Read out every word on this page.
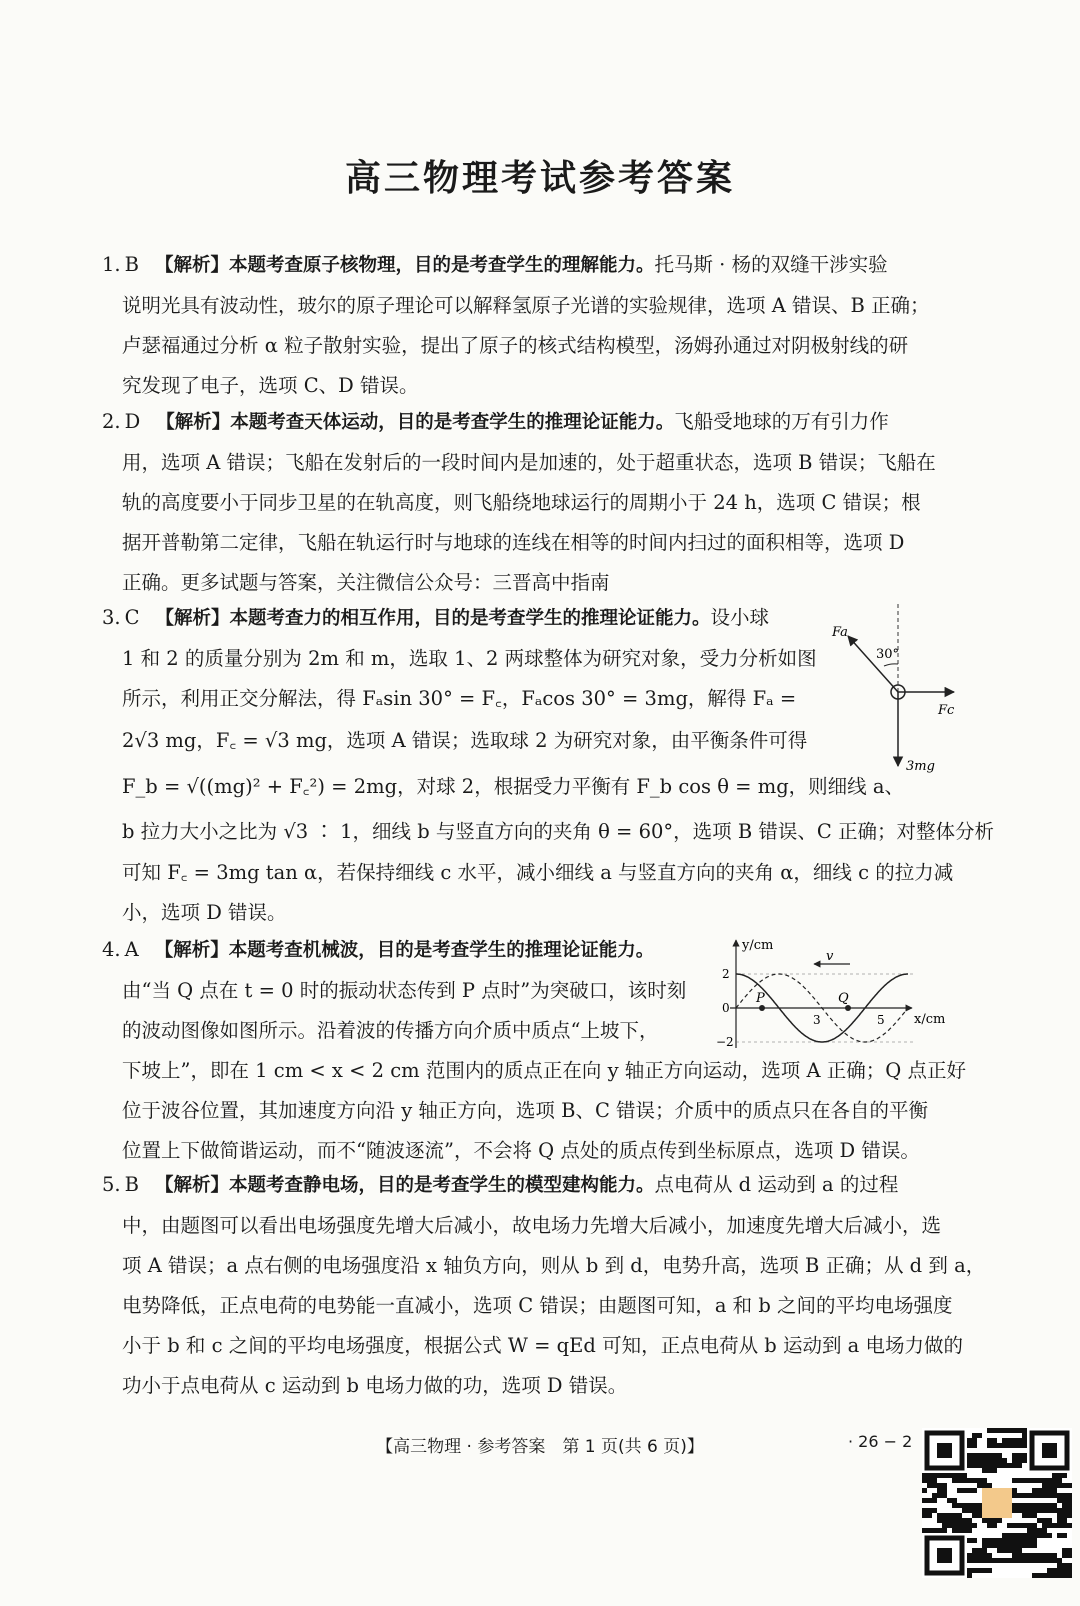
高三物理考试参考答案
1. B 【解析】本题考查原子核物理，目的是考查学生的理解能力。托马斯 · 杨的双缝干涉实验
说明光具有波动性，玻尔的原子理论可以解释氢原子光谱的实验规律，选项 A 错误、B 正确；
卢瑟福通过分析 α 粒子散射实验，提出了原子的核式结构模型，汤姆孙通过对阴极射线的研
究发现了电子，选项 C、D 错误。
2. D 【解析】本题考查天体运动，目的是考查学生的推理论证能力。飞船受地球的万有引力作
用，选项 A 错误；飞船在发射后的一段时间内是加速的，处于超重状态，选项 B 错误；飞船在
轨的高度要小于同步卫星的在轨高度，则飞船绕地球运行的周期小于 24 h，选项 C 错误；根
据开普勒第二定律，飞船在轨运行时与地球的连线在相等的时间内扫过的面积相等，选项 D
正确。更多试题与答案，关注微信公众号：三晋高中指南
3. C 【解析】本题考查力的相互作用，目的是考查学生的推理论证能力。设小球
1 和 2 的质量分别为 2m 和 m，选取 1、2 两球整体为研究对象，受力分析如图
所示，利用正交分解法，得 Fₐsin 30° = F꜀，Fₐcos 30° = 3mg，解得 Fₐ =
2√3 mg，F꜀ = √3 mg，选项 A 错误；选取球 2 为研究对象，由平衡条件可得
F_b = √((mg)² + F꜀²) = 2mg，对球 2，根据受力平衡有 F_b cos θ = mg，则细线 a、
b 拉力大小之比为 √3 ∶ 1，细线 b 与竖直方向的夹角 θ = 60°，选项 B 错误、C 正确；对整体分析
可知 F꜀ = 3mg tan α，若保持细线 c 水平，减小细线 a 与竖直方向的夹角 α，细线 c 的拉力减
小，选项 D 错误。
30°
Fa
Fc
3mg
4. A 【解析】本题考查机械波，目的是考查学生的推理论证能力。
由“当 Q 点在 t = 0 时的振动状态传到 P 点时”为突破口，该时刻
的波动图像如图所示。沿着波的传播方向介质中质点“上坡下，
下坡上”，即在 1 cm < x < 2 cm 范围内的质点正在向 y 轴正方向运动，选项 A 正确；Q 点正好
位于波谷位置，其加速度方向沿 y 轴正方向，选项 B、C 错误；介质中的质点只在各自的平衡
位置上下做简谐运动，而不“随波逐流”，不会将 Q 点处的质点传到坐标原点，选项 D 错误。
y/cm
x/cm
v
P	Q
2
0
−2
3	5
5. B 【解析】本题考查静电场，目的是考查学生的模型建构能力。点电荷从 d 运动到 a 的过程
中，由题图可以看出电场强度先增大后减小，故电场力先增大后减小，加速度先增大后减小，选
项 A 错误；a 点右侧的电场强度沿 x 轴负方向，则从 b 到 d，电势升高，选项 B 正确；从 d 到 a，
电势降低，正点电荷的电势能一直减小，选项 C 错误；由题图可知，a 和 b 之间的平均电场强度
小于 b 和 c 之间的平均电场强度，根据公式 W = qEd 可知，正点电荷从 b 运动到 a 电场力做的
功小于点电荷从 c 运动到 b 电场力做的功，选项 D 错误。
【高三物理 · 参考答案　第 1 页(共 6 页)】	· 26 − 2
